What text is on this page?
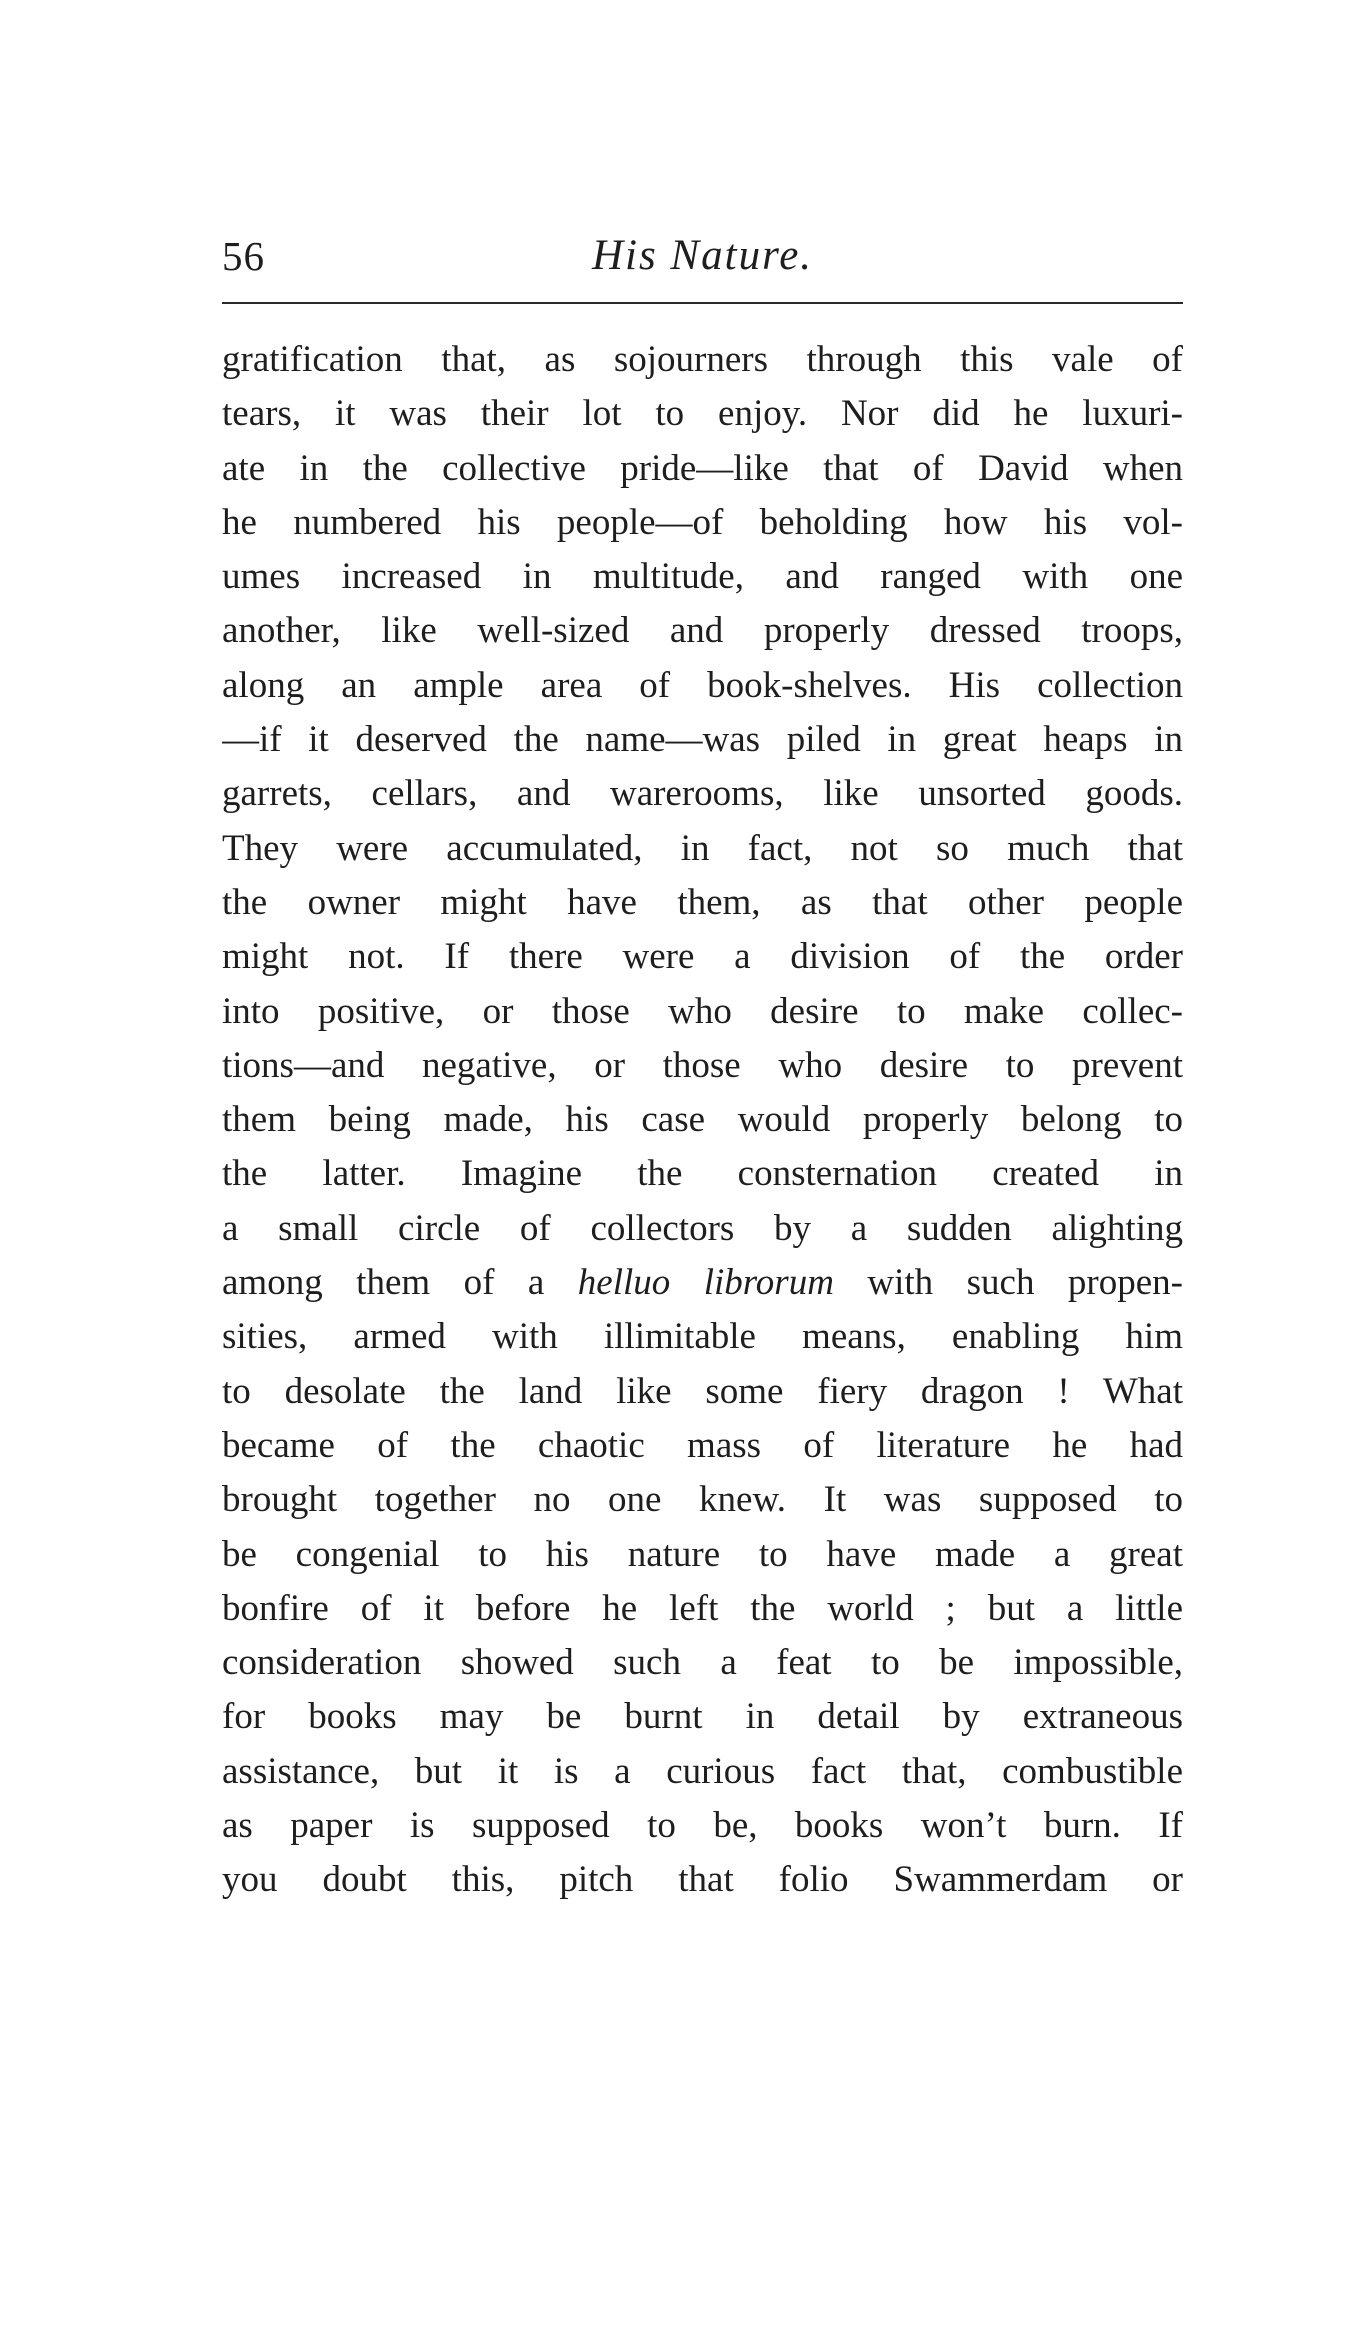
56	His Nature.
gratification that, as sojourners through this vale of
tears, it was their lot to enjoy. Nor did he luxuri-
ate in the collective pride—like that of David when
he numbered his people—of beholding how his vol-
umes increased in multitude, and ranged with one
another, like well-sized and properly dressed troops,
along an ample area of book-shelves. His collection
—if it deserved the name—was piled in great heaps in
garrets, cellars, and warerooms, like unsorted goods.
They were accumulated, in fact, not so much that
the owner might have them, as that other people
might not. If there were a division of the order
into positive, or those who desire to make collec-
tions—and negative, or those who desire to prevent
them being made, his case would properly belong to
the latter. Imagine the consternation created in
a small circle of collectors by a sudden alighting
among them of a helluo librorum with such propen-
sities, armed with illimitable means, enabling him
to desolate the land like some fiery dragon ! What
became of the chaotic mass of literature he had
brought together no one knew. It was supposed to
be congenial to his nature to have made a great
bonfire of it before he left the world ; but a little
consideration showed such a feat to be impossible,
for books may be burnt in detail by extraneous
assistance, but it is a curious fact that, combustible
as paper is supposed to be, books won’t burn. If
you doubt this, pitch that folio Swammerdam or
